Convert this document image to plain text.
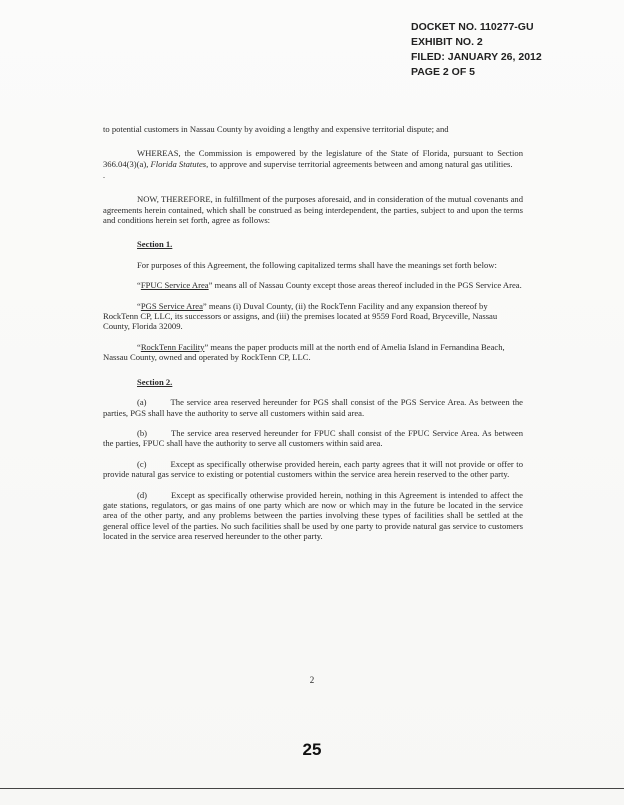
DOCKET NO. 110277-GU
EXHIBIT NO. 2
FILED: JANUARY 26, 2012
PAGE 2 OF 5

to potential customers in Nassau County by avoiding a lengthy and expensive territorial dispute; and

WHEREAS, the Commission is empowered by the legislature of the State of Florida, pursuant to Section 366.04(3)(a), Florida Statutes, to approve and supervise territorial agreements between and among natural gas utilities.

.

NOW, THEREFORE, in fulfillment of the purposes aforesaid, and in consideration of the mutual covenants and agreements herein contained, which shall be construed as being interdependent, the parties, subject to and upon the terms and conditions herein set forth, agree as follows:

Section 1.

For purposes of this Agreement, the following capitalized terms shall have the meanings set forth below:

“FPUC Service Area” means all of Nassau County except those areas thereof included in the PGS Service Area.

“PGS Service Area” means (i) Duval County, (ii) the RockTenn Facility and any expansion thereof by RockTenn CP, LLC, its successors or assigns, and (iii) the premises located at 9559 Ford Road, Bryceville, Nassau County, Florida 32009.

“RockTenn Facility” means the paper products mill at the north end of Amelia Island in Fernandina Beach, Nassau County, owned and operated by RockTenn CP, LLC.

Section 2.

(a)	The service area reserved hereunder for PGS shall consist of the PGS Service Area. As between the parties, PGS shall have the authority to serve all customers within said area.

(b)	The service area reserved hereunder for FPUC shall consist of the FPUC Service Area. As between the parties, FPUC shall have the authority to serve all customers within said area.

(c)	Except as specifically otherwise provided herein, each party agrees that it will not provide or offer to provide natural gas service to existing or potential customers within the service area herein reserved to the other party.

(d)	Except as specifically otherwise provided herein, nothing in this Agreement is intended to affect the gate stations, regulators, or gas mains of one party which are now or which may in the future be located in the service area of the other party, and any problems between the parties involving these types of facilities shall be settled at the general office level of the parties. No such facilities shall be used by one party to provide natural gas service to customers located in the service area reserved hereunder to the other party.

2
25
